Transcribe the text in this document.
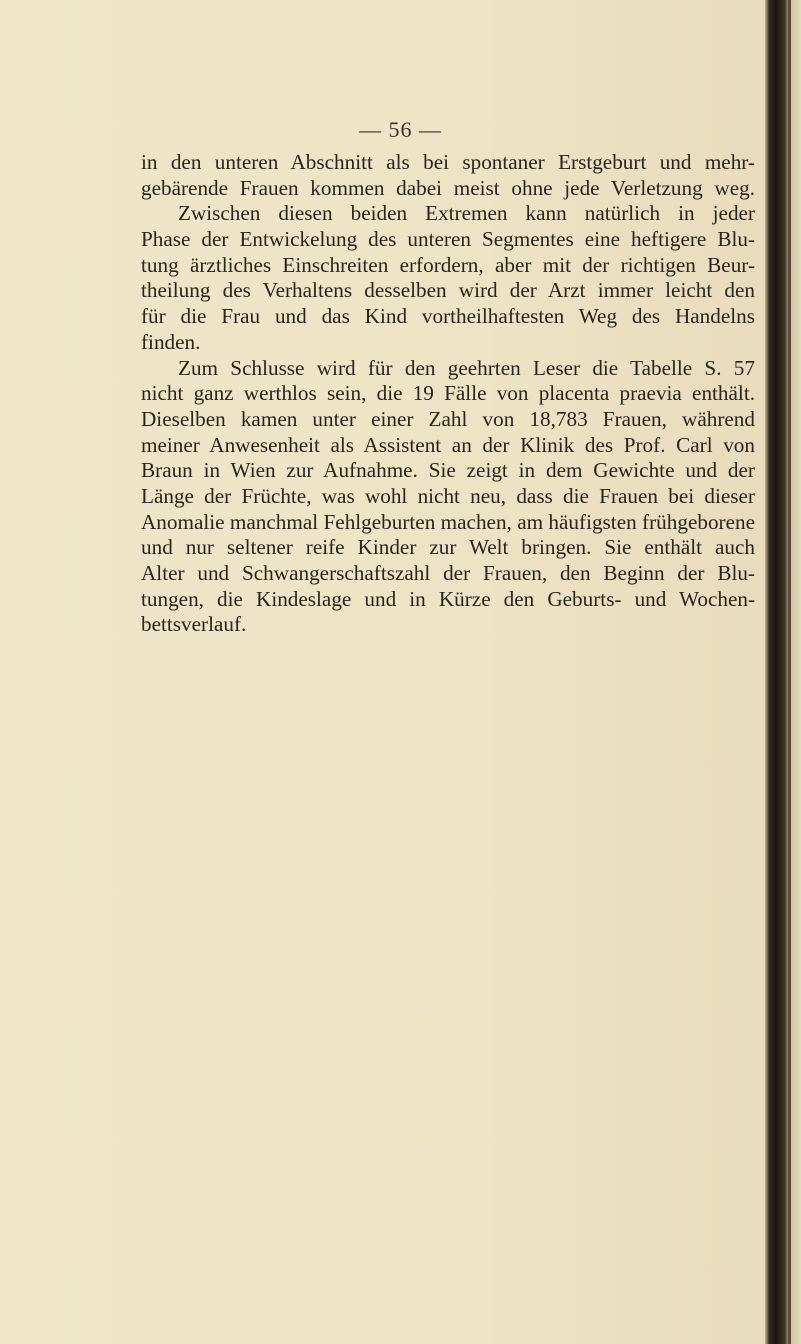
— 56 —
in den unteren Abschnitt als bei spontaner Erstgeburt und mehr-
gebärende Frauen kommen dabei meist ohne jede Verletzung weg.
Zwischen diesen beiden Extremen kann natürlich in jeder
Phase der Entwickelung des unteren Segmentes eine heftigere Blu-
tung ärztliches Einschreiten erfordern, aber mit der richtigen Beur-
theilung des Verhaltens desselben wird der Arzt immer leicht den
für die Frau und das Kind vortheilhaftesten Weg des Handelns
finden.
Zum Schlusse wird für den geehrten Leser die Tabelle S. 57
nicht ganz werthlos sein, die 19 Fälle von placenta praevia enthält.
Dieselben kamen unter einer Zahl von 18,783 Frauen, während
meiner Anwesenheit als Assistent an der Klinik des Prof. Carl von
Braun in Wien zur Aufnahme. Sie zeigt in dem Gewichte und der
Länge der Früchte, was wohl nicht neu, dass die Frauen bei dieser
Anomalie manchmal Fehlgeburten machen, am häufigsten frühgeborene
und nur seltener reife Kinder zur Welt bringen. Sie enthält auch
Alter und Schwangerschaftszahl der Frauen, den Beginn der Blu-
tungen, die Kindeslage und in Kürze den Geburts- und Wochen-
bettsverlauf.
